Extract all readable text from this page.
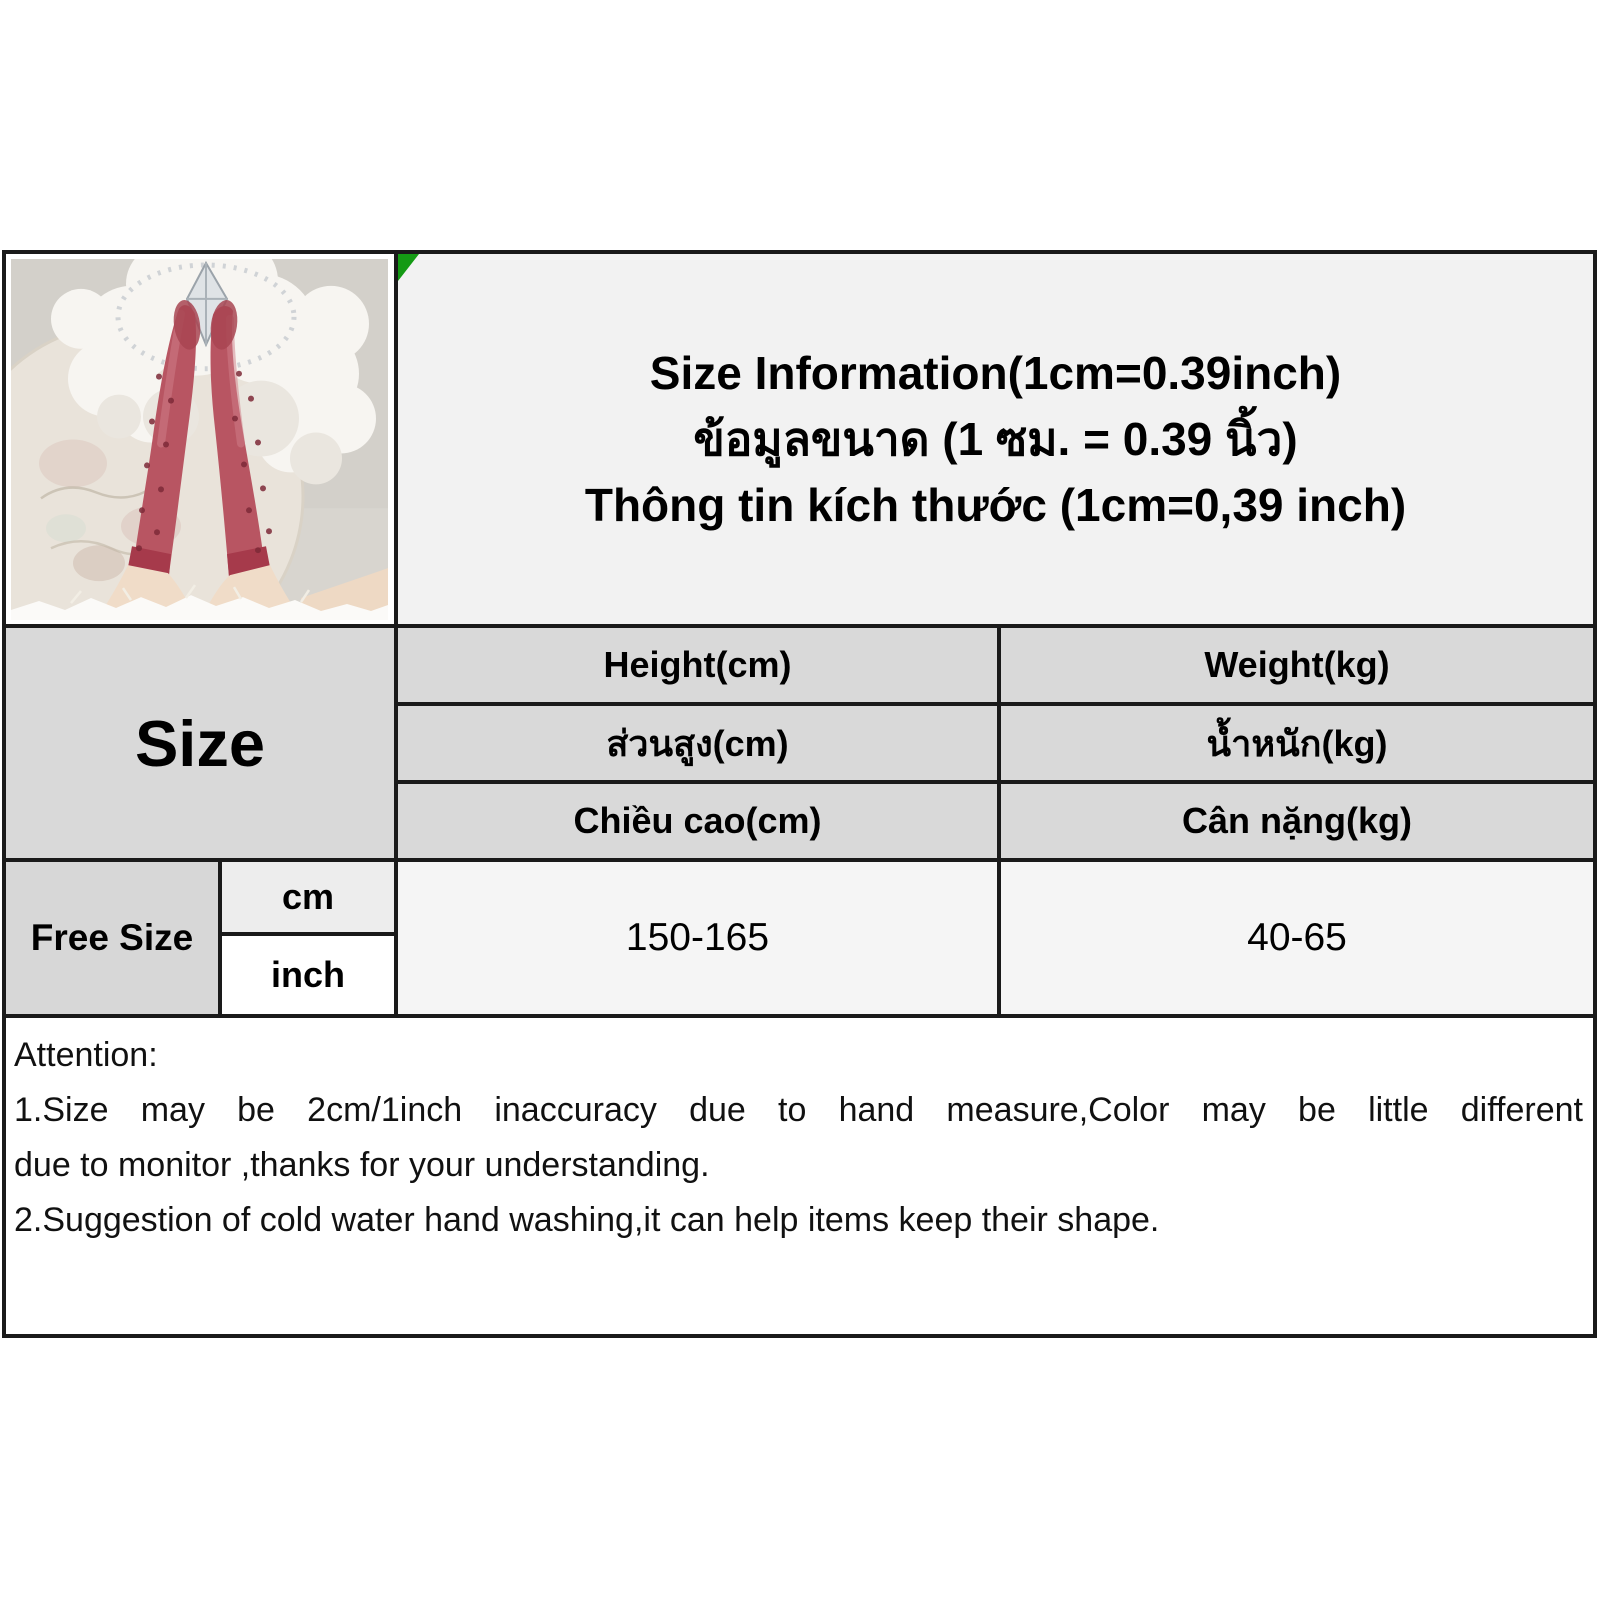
Size Information(1cm=0.39inch)
ข้อมูลขนาด (1 ซม. = 0.39 นิ้ว)
Thông tin kích thước (1cm=0,39 inch)
Size
Height(cm)
ส่วนสูง(cm)
Chiều cao(cm)
Weight(kg)
น้ำหนัก(kg)
Cân nặng(kg)
Free Size
cm
inch
150-165	40-65
Attention:
1.Size may be 2cm/1inch inaccuracy due to hand measure,Color may be little different
due to monitor ,thanks for your understanding.
2.Suggestion of cold water hand washing,it can help items keep their shape.
